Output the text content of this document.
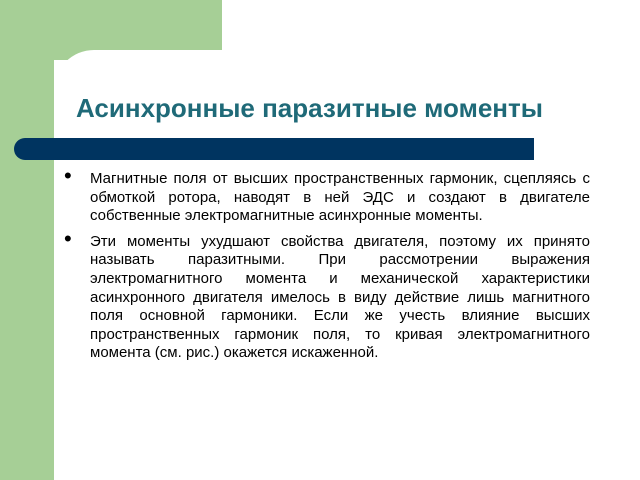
Асинхронные паразитные моменты

• Магнитные поля от высших пространственных гармоник, сцепляясь с обмоткой ротора, наводят в ней ЭДС и создают в двигателе собственные электромагнитные асинхронные моменты.

• Эти моменты ухудшают свойства двигателя, поэтому их принято называть паразитными. При рассмотрении выражения электромагнитного момента и механической характеристики асинхронного двигателя имелось в виду действие лишь магнитного поля основной гармоники. Если же учесть влияние высших пространственных гармоник поля, то кривая электромагнитного момента (см. рис.) окажется искаженной.
